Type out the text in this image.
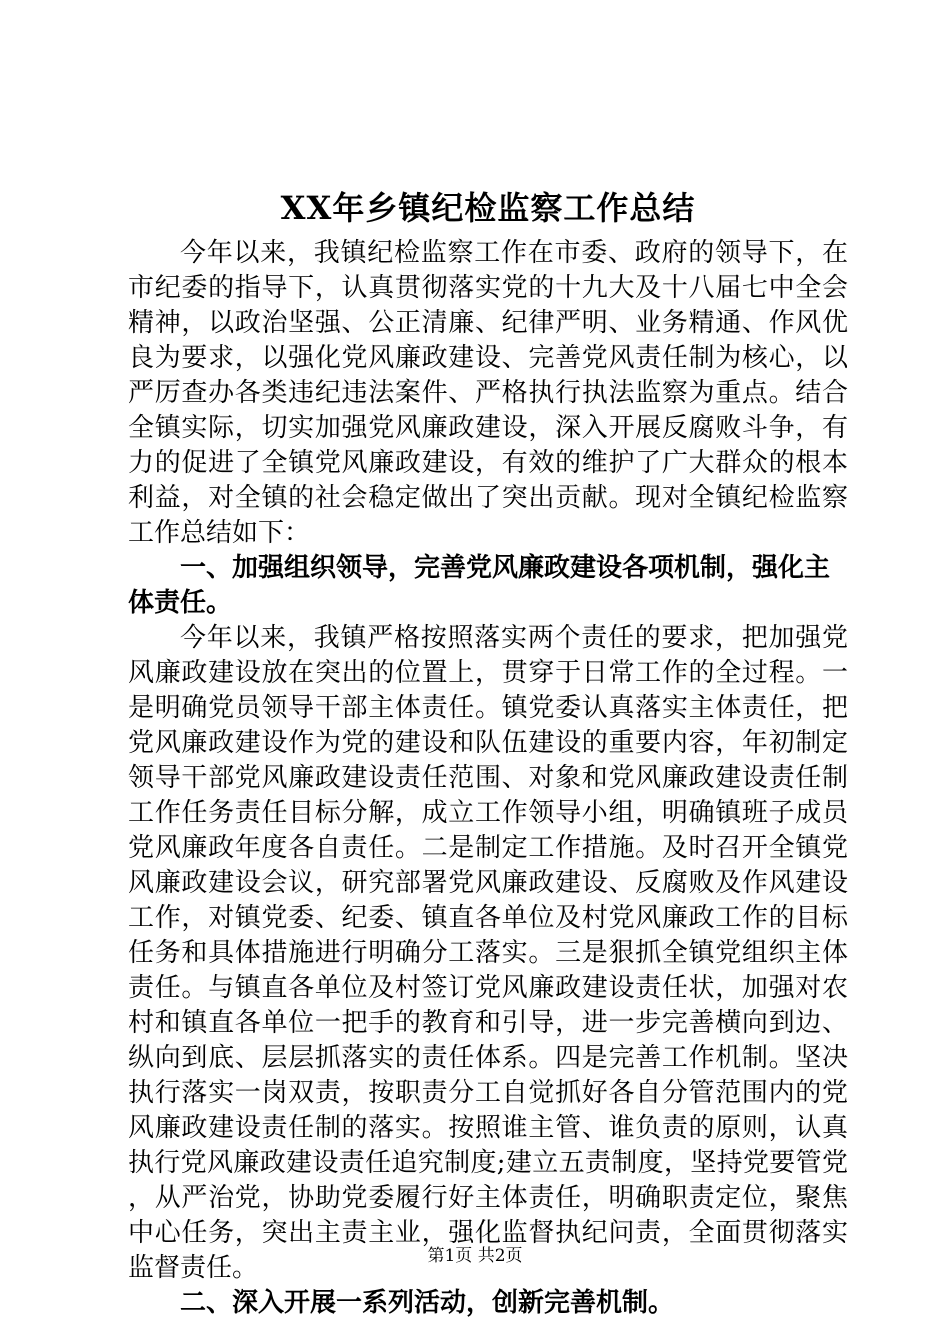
XX年乡镇纪检监察工作总结

今年以来，我镇纪检监察工作在市委、政府的领导下，在市纪委的指导下，认真贯彻落实党的十九大及十八届七中全会精神，以政治坚强、公正清廉、纪律严明、业务精通、作风优良为要求，以强化党风廉政建设、完善党风责任制为核心，以严厉查办各类违纪违法案件、严格执行执法监察为重点。结合全镇实际，切实加强党风廉政建设，深入开展反腐败斗争，有力的促进了全镇党风廉政建设，有效的维护了广大群众的根本利益，对全镇的社会稳定做出了突出贡献。现对全镇纪检监察工作总结如下：

一、加强组织领导，完善党风廉政建设各项机制，强化主体责任。

今年以来，我镇严格按照落实两个责任的要求，把加强党风廉政建设放在突出的位置上，贯穿于日常工作的全过程。一是明确党员领导干部主体责任。镇党委认真落实主体责任，把党风廉政建设作为党的建设和队伍建设的重要内容，年初制定领导干部党风廉政建设责任范围、对象和党风廉政建设责任制工作任务责任目标分解，成立工作领导小组，明确镇班子成员党风廉政年度各自责任。二是制定工作措施。及时召开全镇党风廉政建设会议，研究部署党风廉政建设、反腐败及作风建设工作，对镇党委、纪委、镇直各单位及村党风廉政工作的目标任务和具体措施进行明确分工落实。三是狠抓全镇党组织主体责任。与镇直各单位及村签订党风廉政建设责任状，加强对农村和镇直各单位一把手的教育和引导，进一步完善横向到边、纵向到底、层层抓落实的责任体系。四是完善工作机制。坚决执行落实一岗双责，按职责分工自觉抓好各自分管范围内的党风廉政建设责任制的落实。按照谁主管、谁负责的原则，认真执行党风廉政建设责任追究制度;建立五责制度，坚持党要管党，从严治党，协助党委履行好主体责任，明确职责定位，聚焦中心任务，突出主责主业，强化监督执纪问责，全面贯彻落实监督责任。

二、深入开展一系列活动，创新完善机制。

第1页 共2页
